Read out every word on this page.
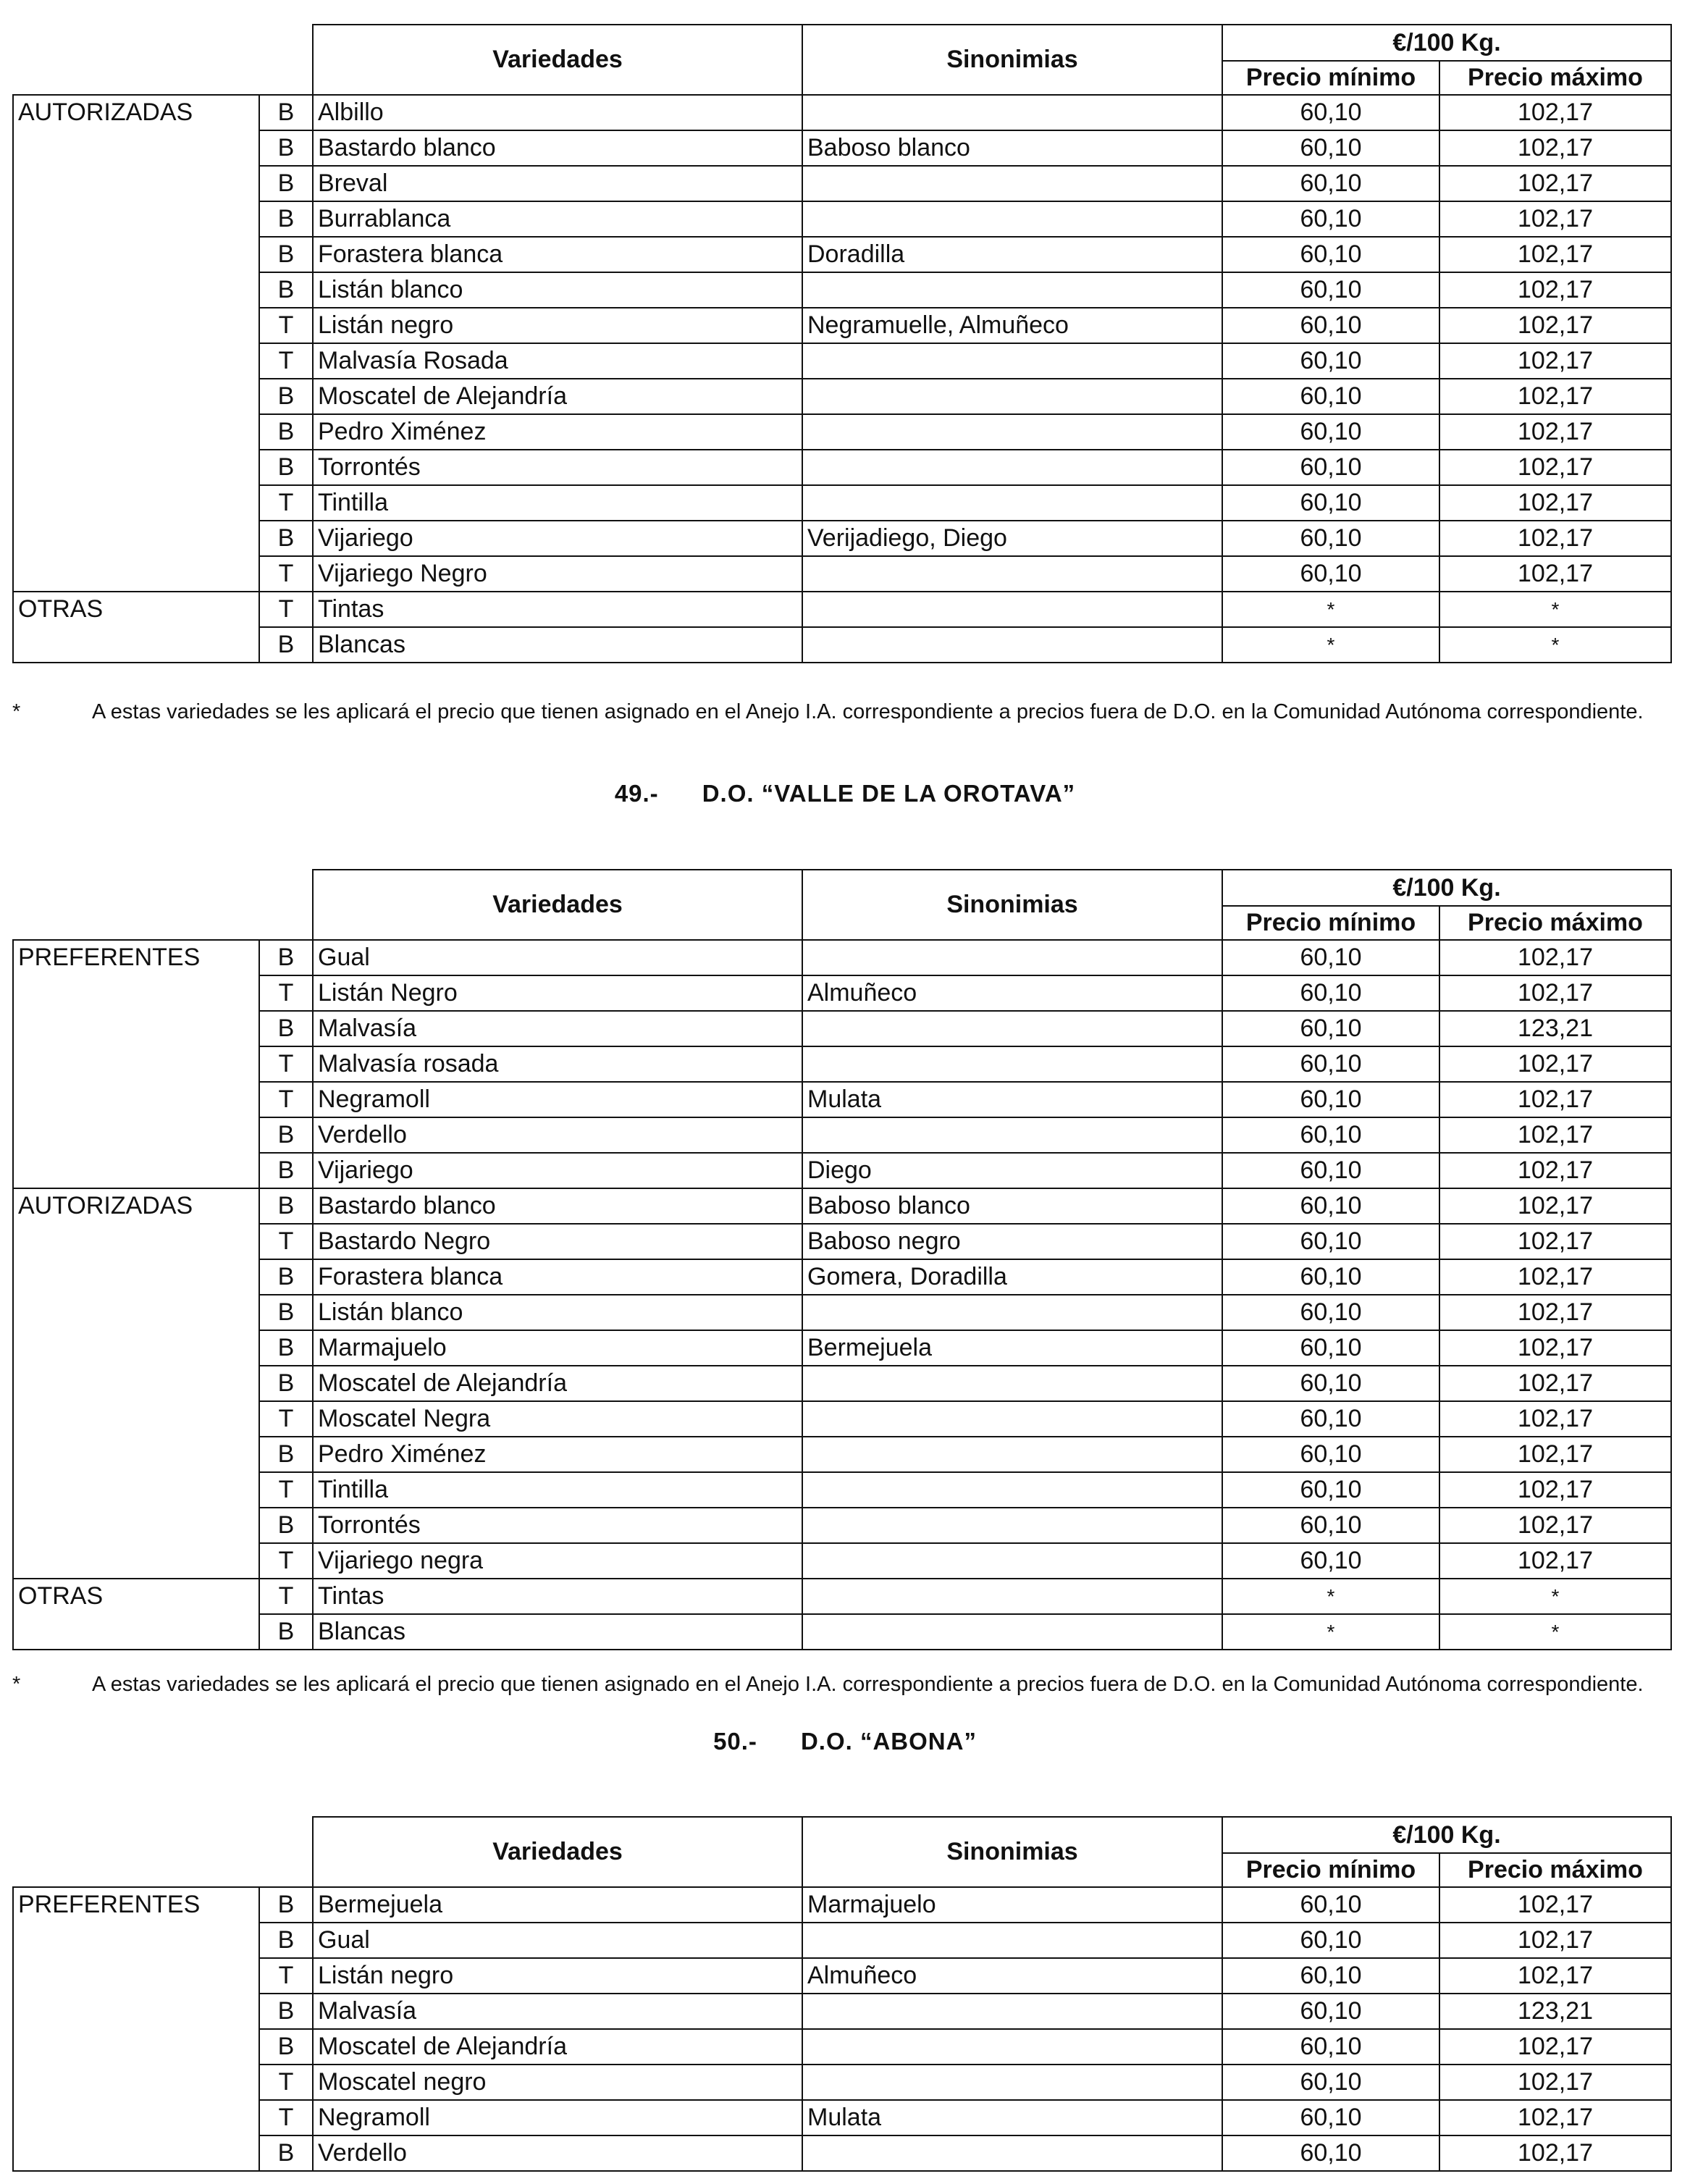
		Variedades	Sinonimias	€/100 Kg.	
				Precio mínimo	Precio máximo
AUTORIZADAS	B	Albillo		60,10	102,17
	B	Bastardo blanco	Baboso blanco	60,10	102,17
	B	Breval		60,10	102,17
	B	Burrablanca		60,10	102,17
	B	Forastera blanca	Doradilla	60,10	102,17
	B	Listán blanco		60,10	102,17
	T	Listán negro	Negramuelle, Almuñeco	60,10	102,17
	T	Malvasía Rosada		60,10	102,17
	B	Moscatel de Alejandría		60,10	102,17
	B	Pedro Ximénez		60,10	102,17
	B	Torrontés		60,10	102,17
	T	Tintilla		60,10	102,17
	B	Vijariego	Verijadiego, Diego	60,10	102,17
	T	Vijariego Negro		60,10	102,17
OTRAS	T	Tintas		*	*
	B	Blancas		*	*
*	A estas variedades se les aplicará el precio que tienen asignado en el Anejo I.A. correspondiente a precios fuera de D.O. en la Comunidad Autónoma correspondiente.
49.- D.O. “VALLE DE LA OROTAVA”
		Variedades	Sinonimias	€/100 Kg.	
				Precio mínimo	Precio máximo
PREFERENTES	B	Gual		60,10	102,17
	T	Listán Negro	Almuñeco	60,10	102,17
	B	Malvasía		60,10	123,21
	T	Malvasía rosada		60,10	102,17
	T	Negramoll	Mulata	60,10	102,17
	B	Verdello		60,10	102,17
	B	Vijariego	Diego	60,10	102,17
AUTORIZADAS	B	Bastardo blanco	Baboso blanco	60,10	102,17
	T	Bastardo Negro	Baboso negro	60,10	102,17
	B	Forastera blanca	Gomera, Doradilla	60,10	102,17
	B	Listán blanco		60,10	102,17
	B	Marmajuelo	Bermejuela	60,10	102,17
	B	Moscatel de Alejandría		60,10	102,17
	T	Moscatel Negra		60,10	102,17
	B	Pedro Ximénez		60,10	102,17
	T	Tintilla		60,10	102,17
	B	Torrontés		60,10	102,17
	T	Vijariego negra		60,10	102,17
OTRAS	T	Tintas		*	*
	B	Blancas		*	*
*	A estas variedades se les aplicará el precio que tienen asignado en el Anejo I.A. correspondiente a precios fuera de D.O. en la Comunidad Autónoma correspondiente.
50.- D.O. “ABONA”
		Variedades	Sinonimias	€/100 Kg.	
				Precio mínimo	Precio máximo
PREFERENTES	B	Bermejuela	Marmajuelo	60,10	102,17
	B	Gual		60,10	102,17
	T	Listán negro	Almuñeco	60,10	102,17
	B	Malvasía		60,10	123,21
	B	Moscatel de Alejandría		60,10	102,17
	T	Moscatel negro		60,10	102,17
	T	Negramoll	Mulata	60,10	102,17
	B	Verdello		60,10	102,17
